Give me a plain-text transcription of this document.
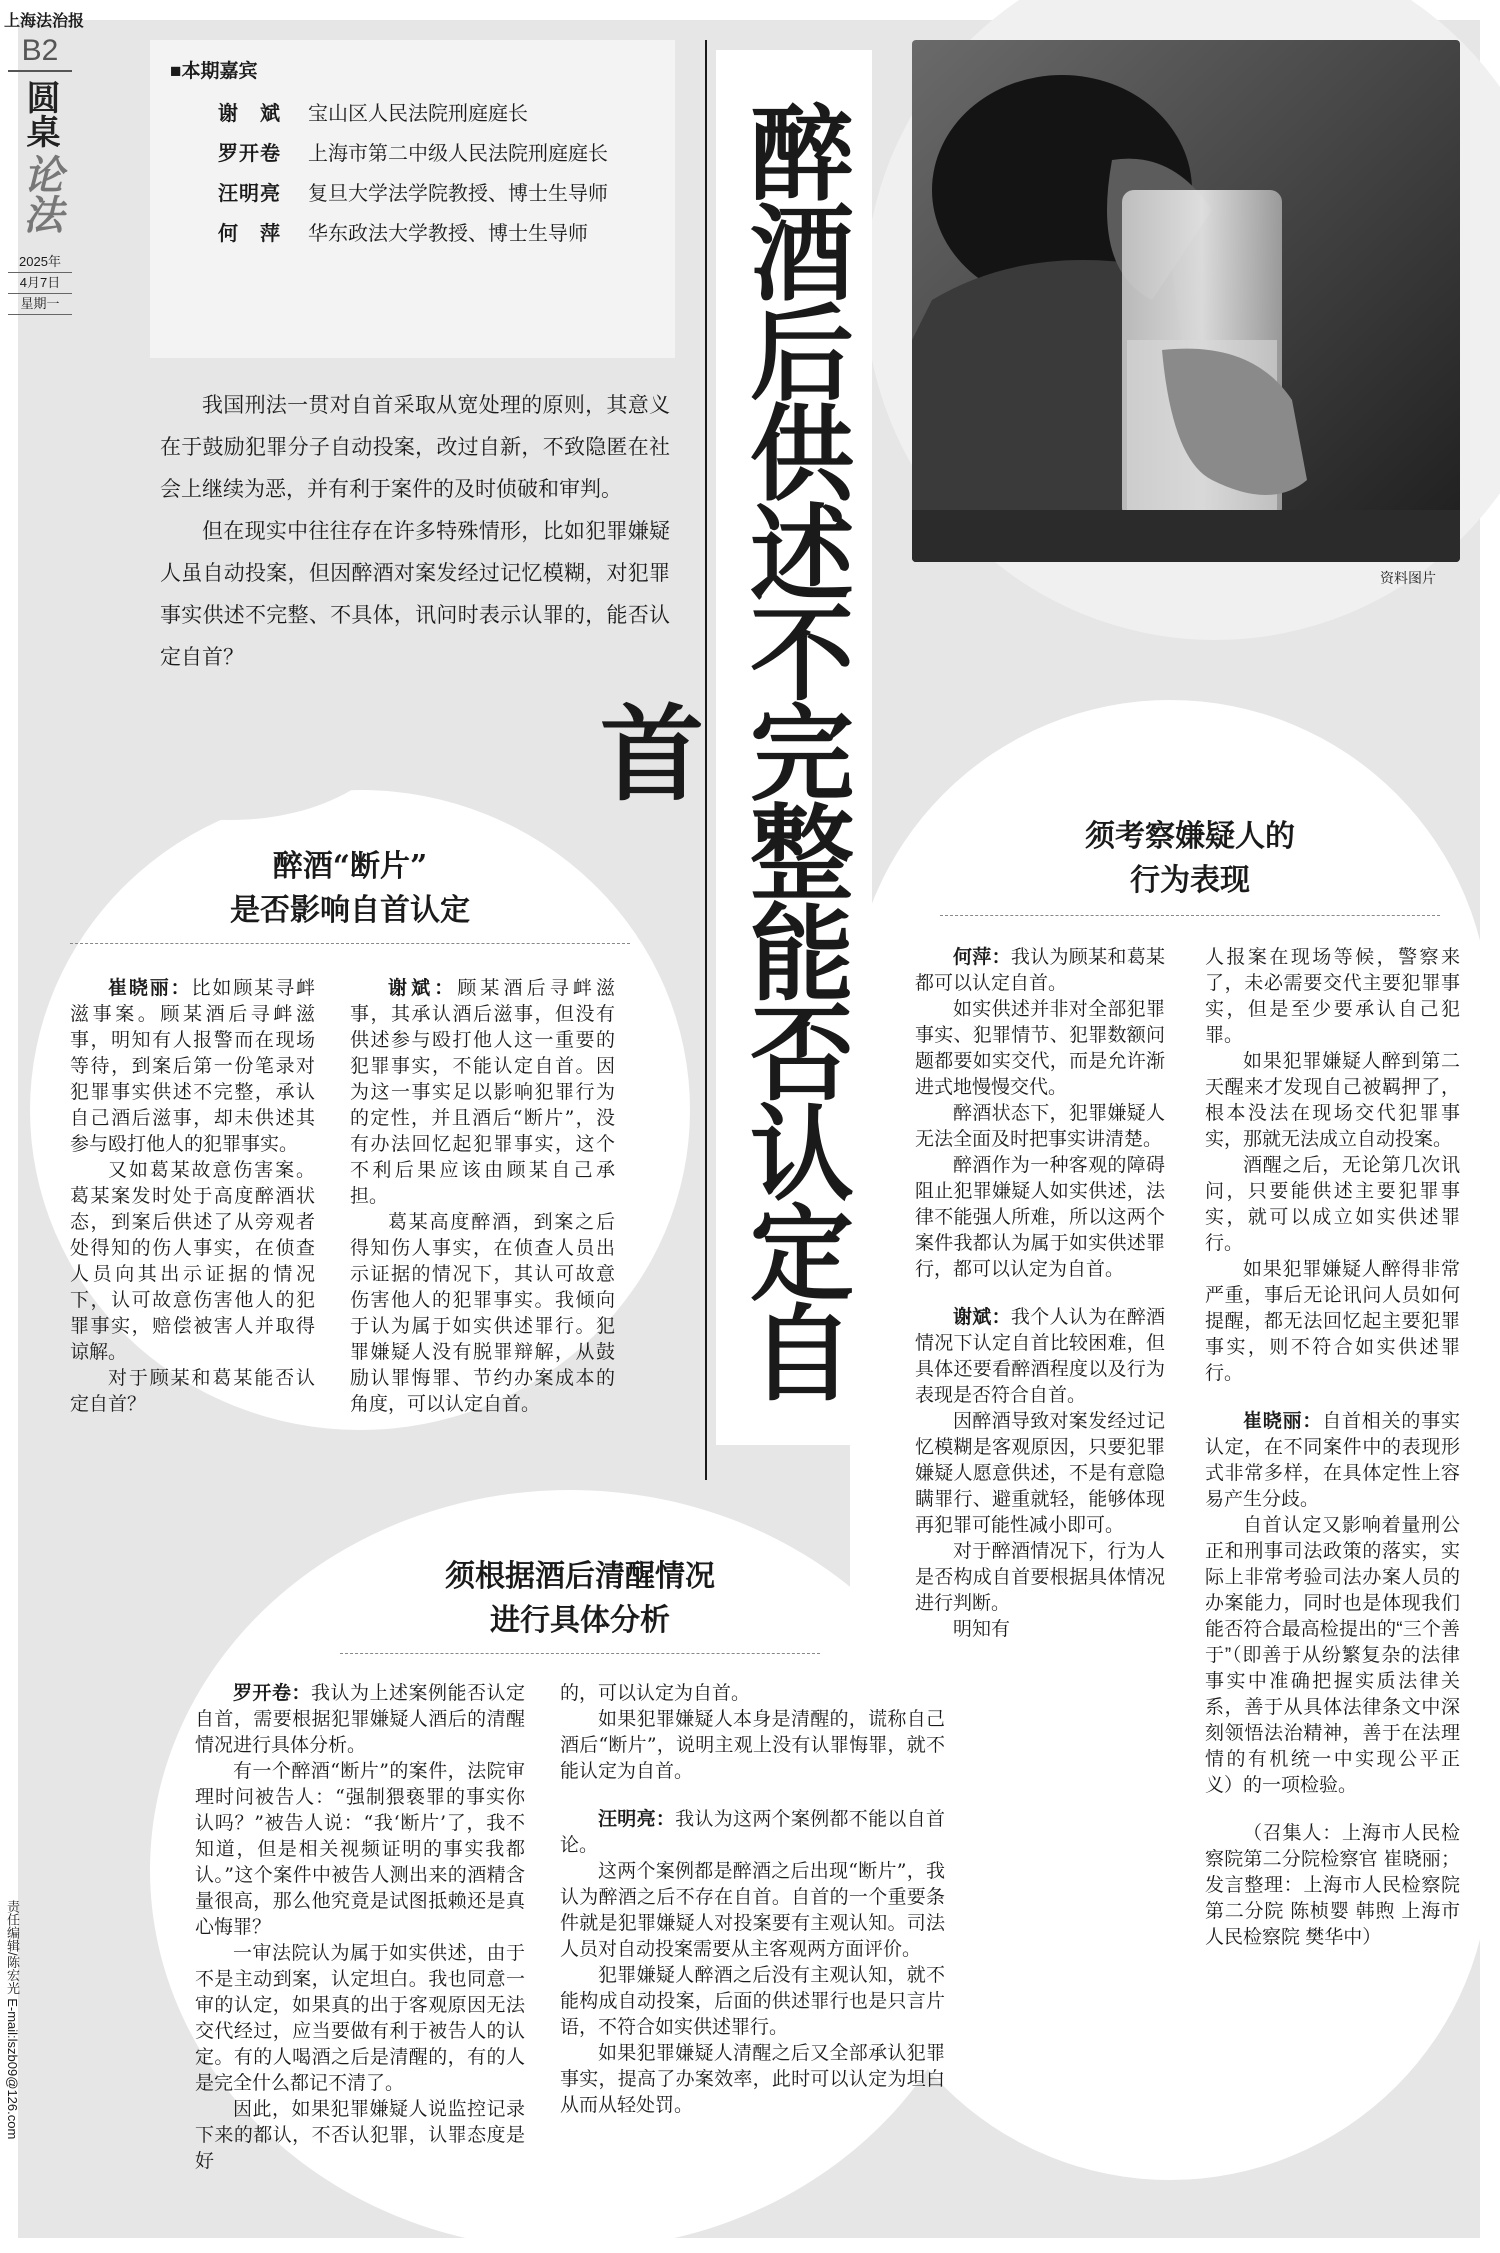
上海法治报
B2
圆桌
论法
2025年
4月7日
星期一
责任编辑/陈宏光 E-mail:lszb09@126.com
■本期嘉宾
谢　斌	宝山区人民法院刑庭庭长
罗开卷	上海市第二中级人民法院刑庭庭长
汪明亮	复旦大学法学院教授、博士生导师
何　萍	华东政法大学教授、博士生导师

我国刑法一贯对自首采取从宽处理的原则，其意义在于鼓励犯罪分子自动投案，改过自新，不致隐匿在社会上继续为恶，并有利于案件的及时侦破和审判。

但在现实中往往存在许多特殊情形，比如犯罪嫌疑人虽自动投案，但因醉酒对案发经过记忆模糊，对犯罪事实供述不完整、不具体，讯问时表示认罪的，能否认定自首？	醉酒后供述不完整能否认定自首
资料图片
醉酒“断片”
是否影响自首认定

崔晓丽：比如顾某寻衅滋事案。顾某酒后寻衅滋事，明知有人报警而在现场等待，到案后第一份笔录对犯罪事实供述不完整，承认自己酒后滋事，却未供述其参与殴打他人的犯罪事实。

又如葛某故意伤害案。葛某案发时处于高度醉酒状态，到案后供述了从旁观者处得知的伤人事实，在侦查人员向其出示证据的情况下，认可故意伤害他人的犯罪事实，赔偿被害人并取得谅解。

对于顾某和葛某能否认定自首？

谢斌：顾某酒后寻衅滋事，其承认酒后滋事，但没有供述参与殴打他人这一重要的犯罪事实，不能认定自首。因为这一事实足以影响犯罪行为的定性，并且酒后“断片”，没有办法回忆起犯罪事实，这个不利后果应该由顾某自己承担。

葛某高度醉酒，到案之后得知伤人事实，在侦查人员出示证据的情况下，其认可故意伤害他人的犯罪事实。我倾向于认为属于如实供述罪行。犯罪嫌疑人没有脱罪辩解，从鼓励认罪悔罪、节约办案成本的角度，可以认定自首。

须考察嫌疑人的
行为表现

何萍：我认为顾某和葛某都可以认定自首。

如实供述并非对全部犯罪事实、犯罪情节、犯罪数额问题都要如实交代，而是允许渐进式地慢慢交代。

醉酒状态下，犯罪嫌疑人无法全面及时把事实讲清楚。

醉酒作为一种客观的障碍阻止犯罪嫌疑人如实供述，法律不能强人所难，所以这两个案件我都认为属于如实供述罪行，都可以认定为自首。

谢斌：我个人认为在醉酒情况下认定自首比较困难，但具体还要看醉酒程度以及行为表现是否符合自首。

因醉酒导致对案发经过记忆模糊是客观原因，只要犯罪嫌疑人愿意供述，不是有意隐瞒罪行、避重就轻，能够体现再犯罪可能性减小即可。

对于醉酒情况下，行为人是否构成自首要根据具体情况进行判断。

明知有

人报案在现场等候，警察来了，未必需要交代主要犯罪事实，但是至少要承认自己犯罪。

如果犯罪嫌疑人醉到第二天醒来才发现自己被羁押了，根本没法在现场交代犯罪事实，那就无法成立自动投案。

酒醒之后，无论第几次讯问，只要能供述主要犯罪事实，就可以成立如实供述罪行。

如果犯罪嫌疑人醉得非常严重，事后无论讯问人员如何提醒，都无法回忆起主要犯罪事实，则不符合如实供述罪行。

崔晓丽：自首相关的事实认定，在不同案件中的表现形式非常多样，在具体定性上容易产生分歧。

自首认定又影响着量刑公正和刑事司法政策的落实，实际上非常考验司法办案人员的办案能力，同时也是体现我们能否符合最高检提出的“三个善于”（即善于从纷繁复杂的法律事实中准确把握实质法律关系，善于从具体法律条文中深刻领悟法治精神，善于在法理情的有机统一中实现公平正义）的一项检验。

（召集人：上海市人民检察院第二分院检察官 崔晓丽；发言整理：上海市人民检察院第二分院 陈桢婴 韩煦 上海市人民检察院 樊华中）

须根据酒后清醒情况
进行具体分析

罗开卷：我认为上述案例能否认定自首，需要根据犯罪嫌疑人酒后的清醒情况进行具体分析。

有一个醉酒“断片”的案件，法院审理时问被告人：“强制猥亵罪的事实你认吗？”被告人说：“我‘断片’了，我不知道，但是相关视频证明的事实我都认。”这个案件中被告人测出来的酒精含量很高，那么他究竟是试图抵赖还是真心悔罪？

一审法院认为属于如实供述，由于不是主动到案，认定坦白。我也同意一审的认定，如果真的出于客观原因无法交代经过，应当要做有利于被告人的认定。有的人喝酒之后是清醒的，有的人是完全什么都记不清了。

因此，如果犯罪嫌疑人说监控记录下来的都认，不否认犯罪，认罪态度是好

的，可以认定为自首。

如果犯罪嫌疑人本身是清醒的，谎称自己酒后“断片”，说明主观上没有认罪悔罪，就不能认定为自首。

汪明亮：我认为这两个案例都不能以自首论。

这两个案例都是醉酒之后出现“断片”，我认为醉酒之后不存在自首。自首的一个重要条件就是犯罪嫌疑人对投案要有主观认知。司法人员对自动投案需要从主客观两方面评价。

犯罪嫌疑人醉酒之后没有主观认知，就不能构成自动投案，后面的供述罪行也是只言片语，不符合如实供述罪行。

如果犯罪嫌疑人清醒之后又全部承认犯罪事实，提高了办案效率，此时可以认定为坦白从而从轻处罚。
